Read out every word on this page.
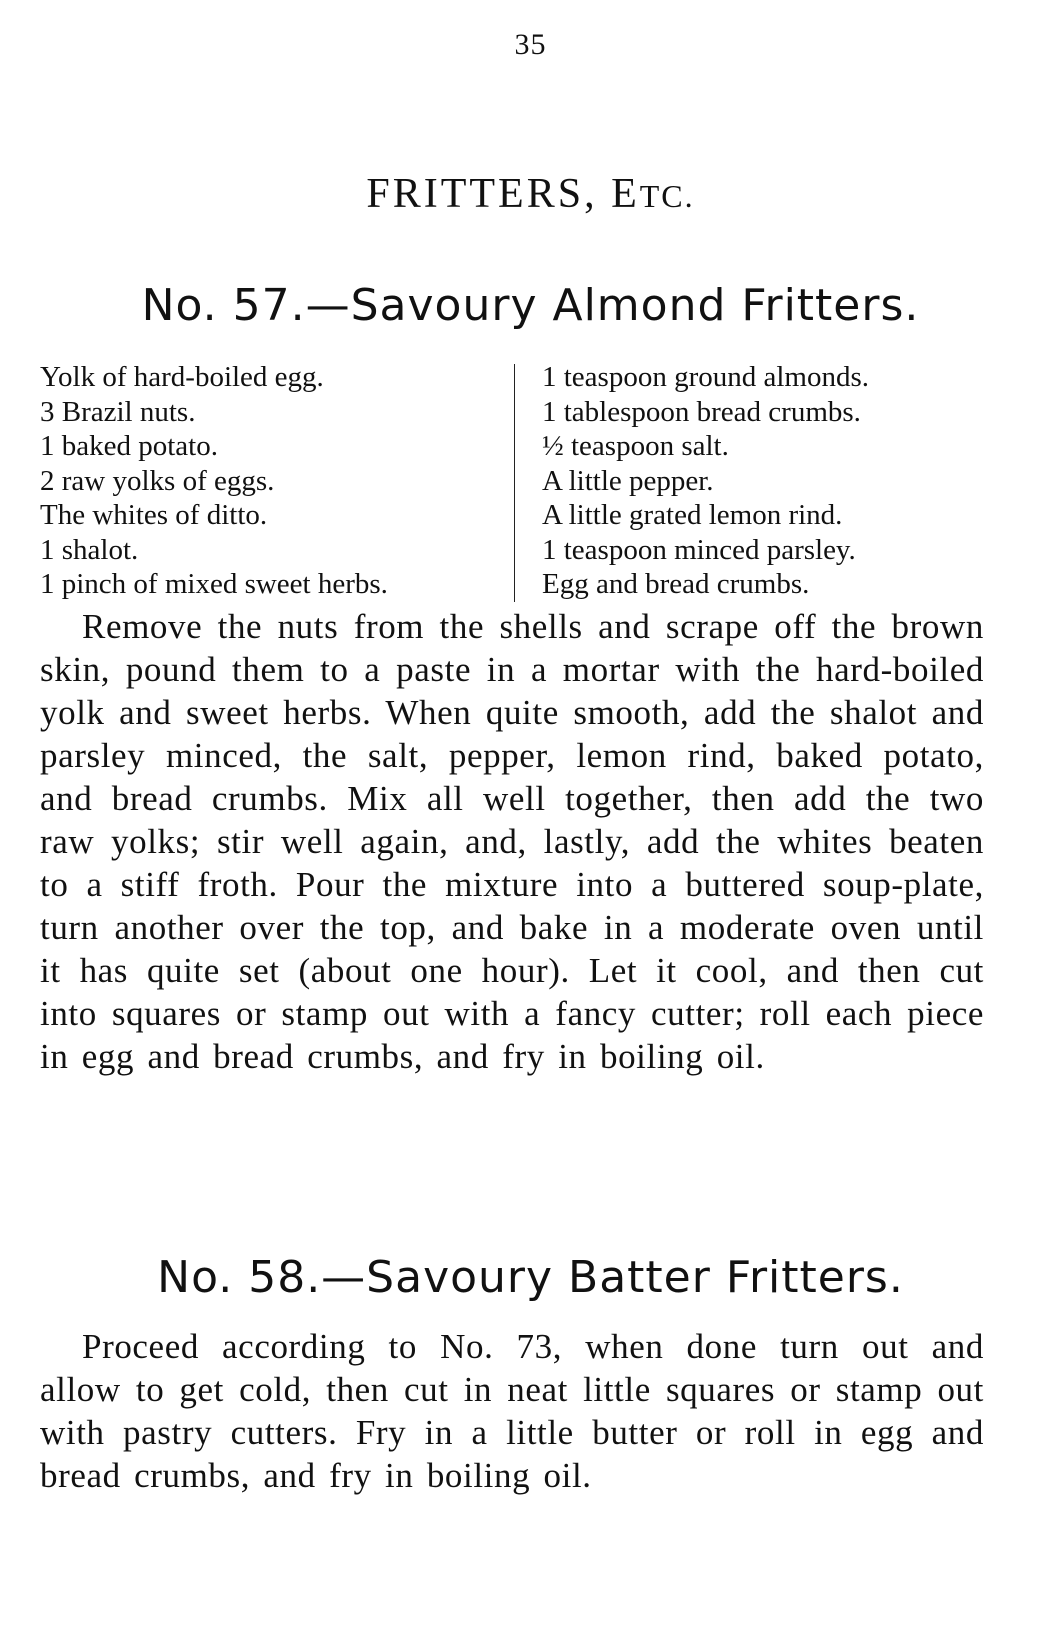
35
FRITTERS, ETC.
No. 57.—Savoury Almond Fritters.
Yolk of hard-boiled egg.
3 Brazil nuts.
1 baked potato.
2 raw yolks of eggs.
The whites of ditto.
1 shalot.
1 pinch of mixed sweet herbs.
1 teaspoon ground almonds.
1 tablespoon bread crumbs.
½ teaspoon salt.
A little pepper.
A little grated lemon rind.
1 teaspoon minced parsley.
Egg and bread crumbs.

Remove the nuts from the shells and scrape off the brown skin, pound them to a paste in a mortar with the hard-boiled yolk and sweet herbs. When quite smooth, add the shalot and parsley minced, the salt, pepper, lemon rind, baked potato, and bread crumbs. Mix all well together, then add the two raw yolks; stir well again, and, lastly, add the whites beaten to a stiff froth. Pour the mixture into a buttered soup-plate, turn another over the top, and bake in a moderate oven until it has quite set (about one hour). Let it cool, and then cut into squares or stamp out with a fancy cutter; roll each piece in egg and bread crumbs, and fry in boiling oil.

No. 58.—Savoury Batter Fritters.

Proceed according to No. 73, when done turn out and allow to get cold, then cut in neat little squares or stamp out with pastry cutters. Fry in a little butter or roll in egg and bread crumbs, and fry in boiling oil.
